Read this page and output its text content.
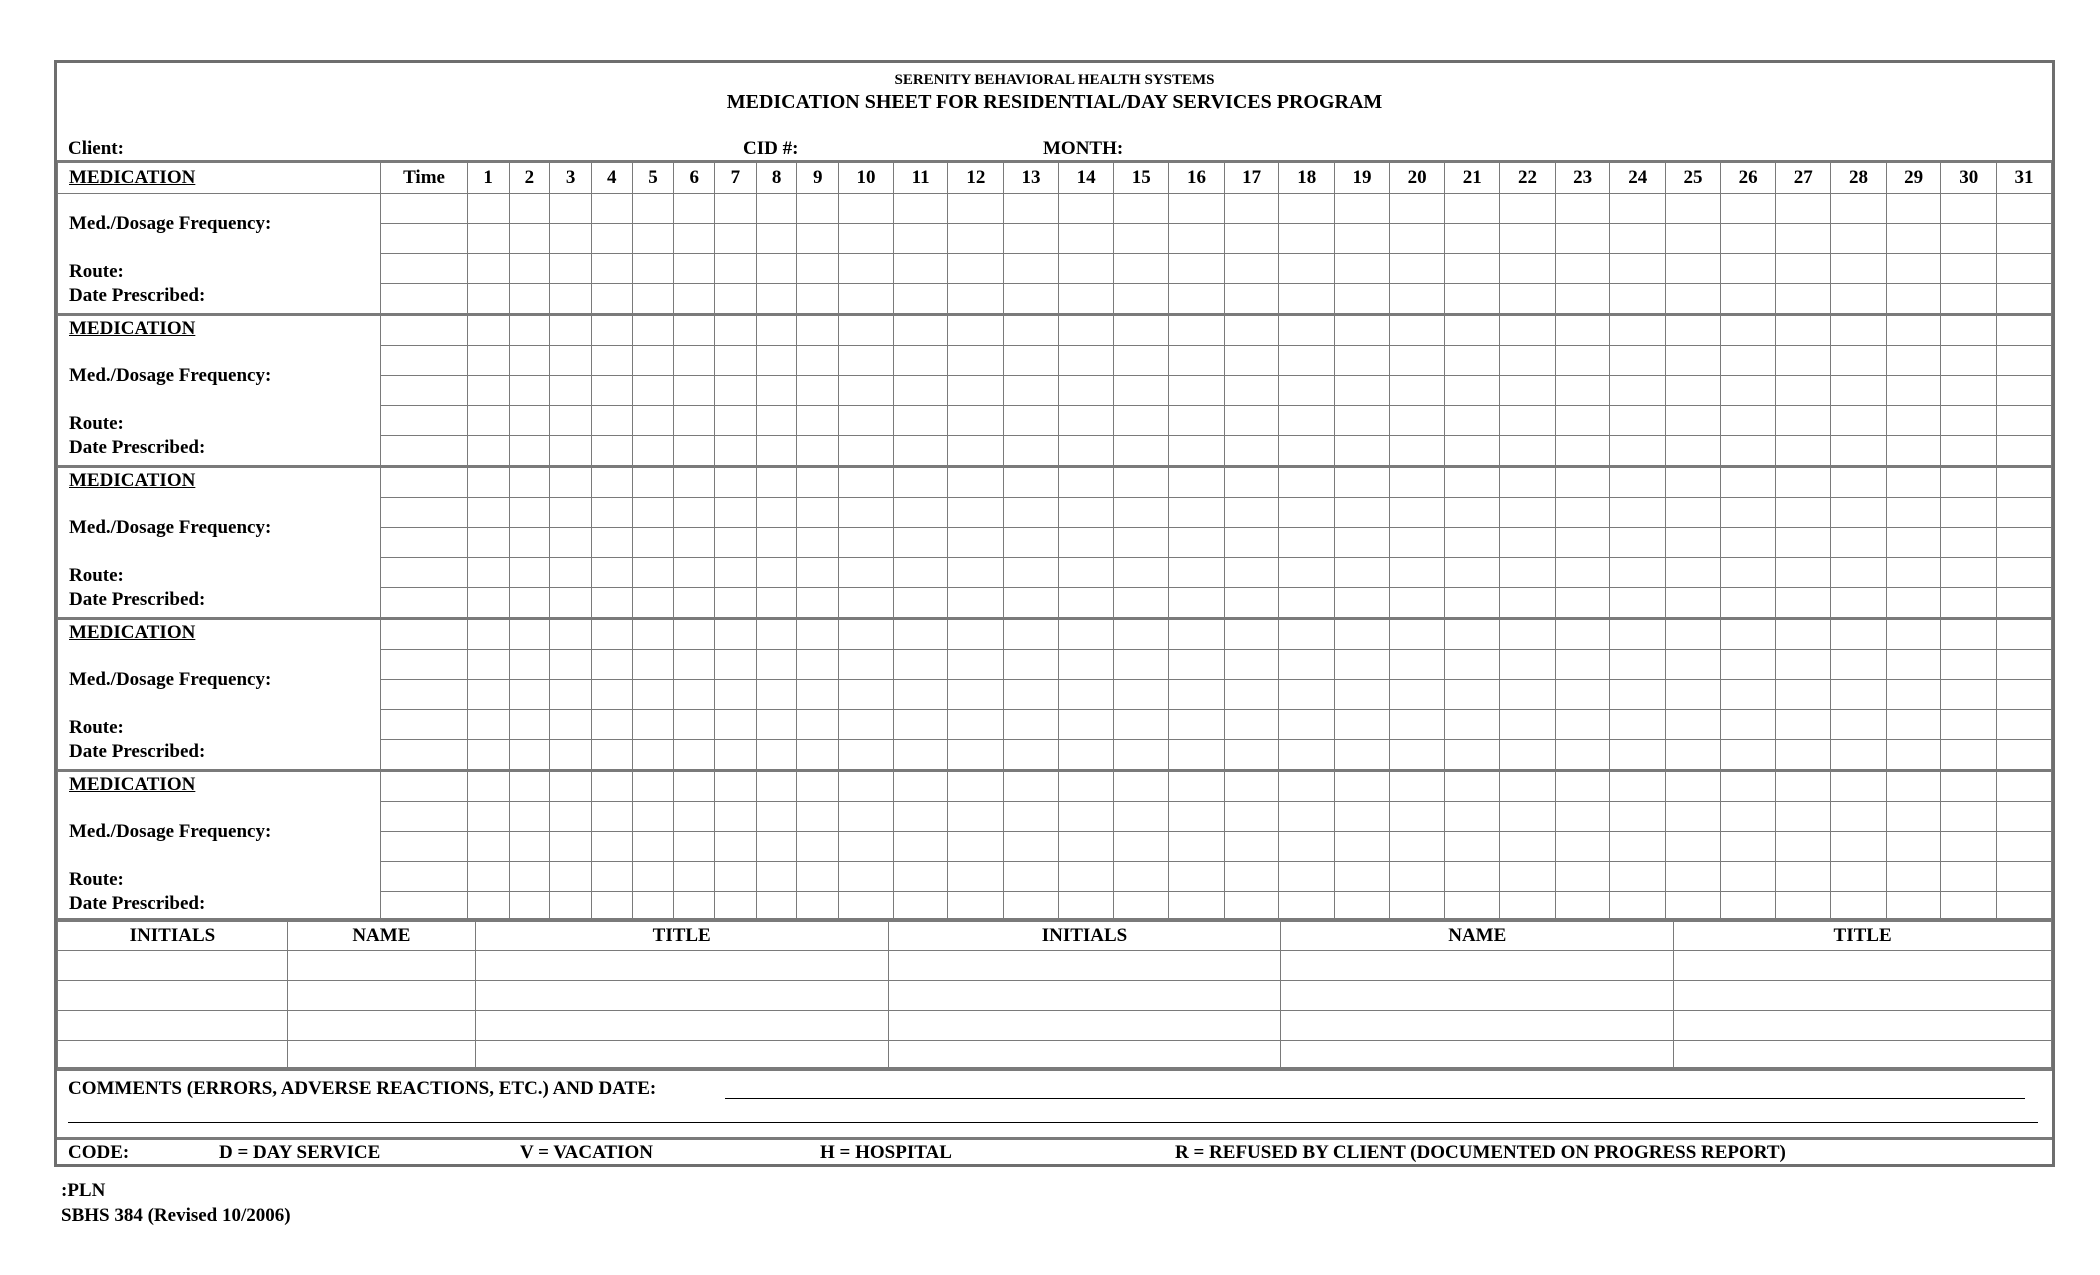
SERENITY BEHAVIORAL HEALTH SYSTEMS
MEDICATION SHEET FOR RESIDENTIAL/DAY SERVICES PROGRAM
Client:	CID #:	MONTH:
MEDICATION	Time	1	2	3	4	5	6	7	8	9	10	11	12	13	14	15	16	17	18	19	20	21	22	23	24	25	26	27	28	29	30	31

Med./Dosage Frequency:
Route:
Date Prescribed:																																

MEDICATION
Med./Dosage Frequency:
Route:
Date Prescribed:																																

MEDICATION
Med./Dosage Frequency:
Route:
Date Prescribed:																																

MEDICATION
Med./Dosage Frequency:
Route:
Date Prescribed:																																

MEDICATION
Med./Dosage Frequency:
Route:
Date Prescribed:																																

INITIALS	NAME	TITLE	INITIALS	NAME	TITLE

COMMENTS (ERRORS, ADVERSE REACTIONS, ETC.) AND DATE:
CODE:	D = DAY SERVICE	V = VACATION	H = HOSPITAL	R = REFUSED BY CLIENT (DOCUMENTED ON PROGRESS REPORT)
:PLN
SBHS 384 (Revised 10/2006)
